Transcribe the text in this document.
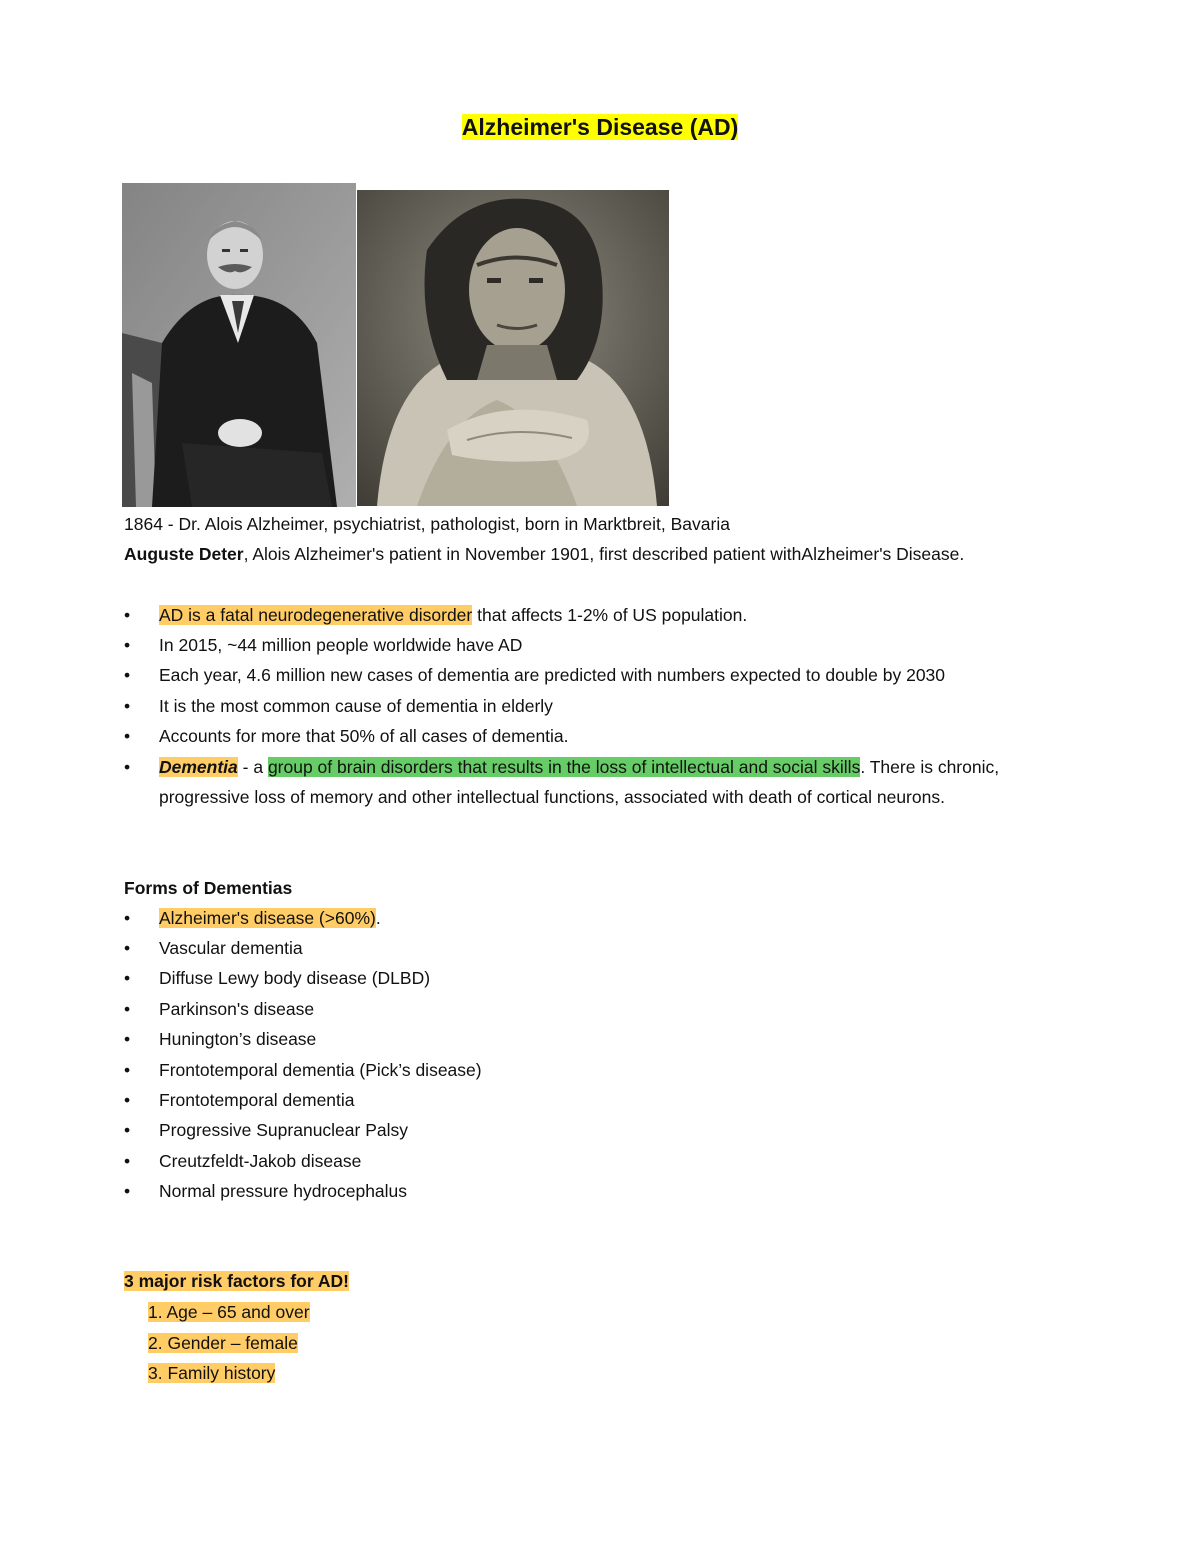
Alzheimer's Disease (AD)
1864 - Dr. Alois Alzheimer, psychiatrist, pathologist, born in Marktbreit, Bavaria
Auguste Deter, Alois Alzheimer's patient in November 1901, first described patient withAlzheimer's Disease.
•	AD is a fatal neurodegenerative disorder that affects 1-2% of US population.
•	In 2015, ~44 million people worldwide have AD
•	Each year, 4.6 million new cases of dementia are predicted with numbers expected to double by 2030
•	It is the most common cause of dementia in elderly
•	Accounts for more that 50% of all cases of dementia.
•	Dementia - a group of brain disorders that results in the loss of intellectual and social skills. There is chronic, progressive loss of memory and other intellectual functions, associated with death of cortical neurons.
Forms of Dementias
•	Alzheimer's disease (>60%).
•	Vascular dementia
•	Diffuse Lewy body disease (DLBD)
•	Parkinson's disease
•	Hunington’s disease
•	Frontotemporal dementia (Pick’s disease)
•	Frontotemporal dementia
•	Progressive Supranuclear Palsy
•	Creutzfeldt-Jakob disease
•	Normal pressure hydrocephalus
3 major risk factors for AD!
1. Age – 65 and over
2. Gender – female
3. Family history
